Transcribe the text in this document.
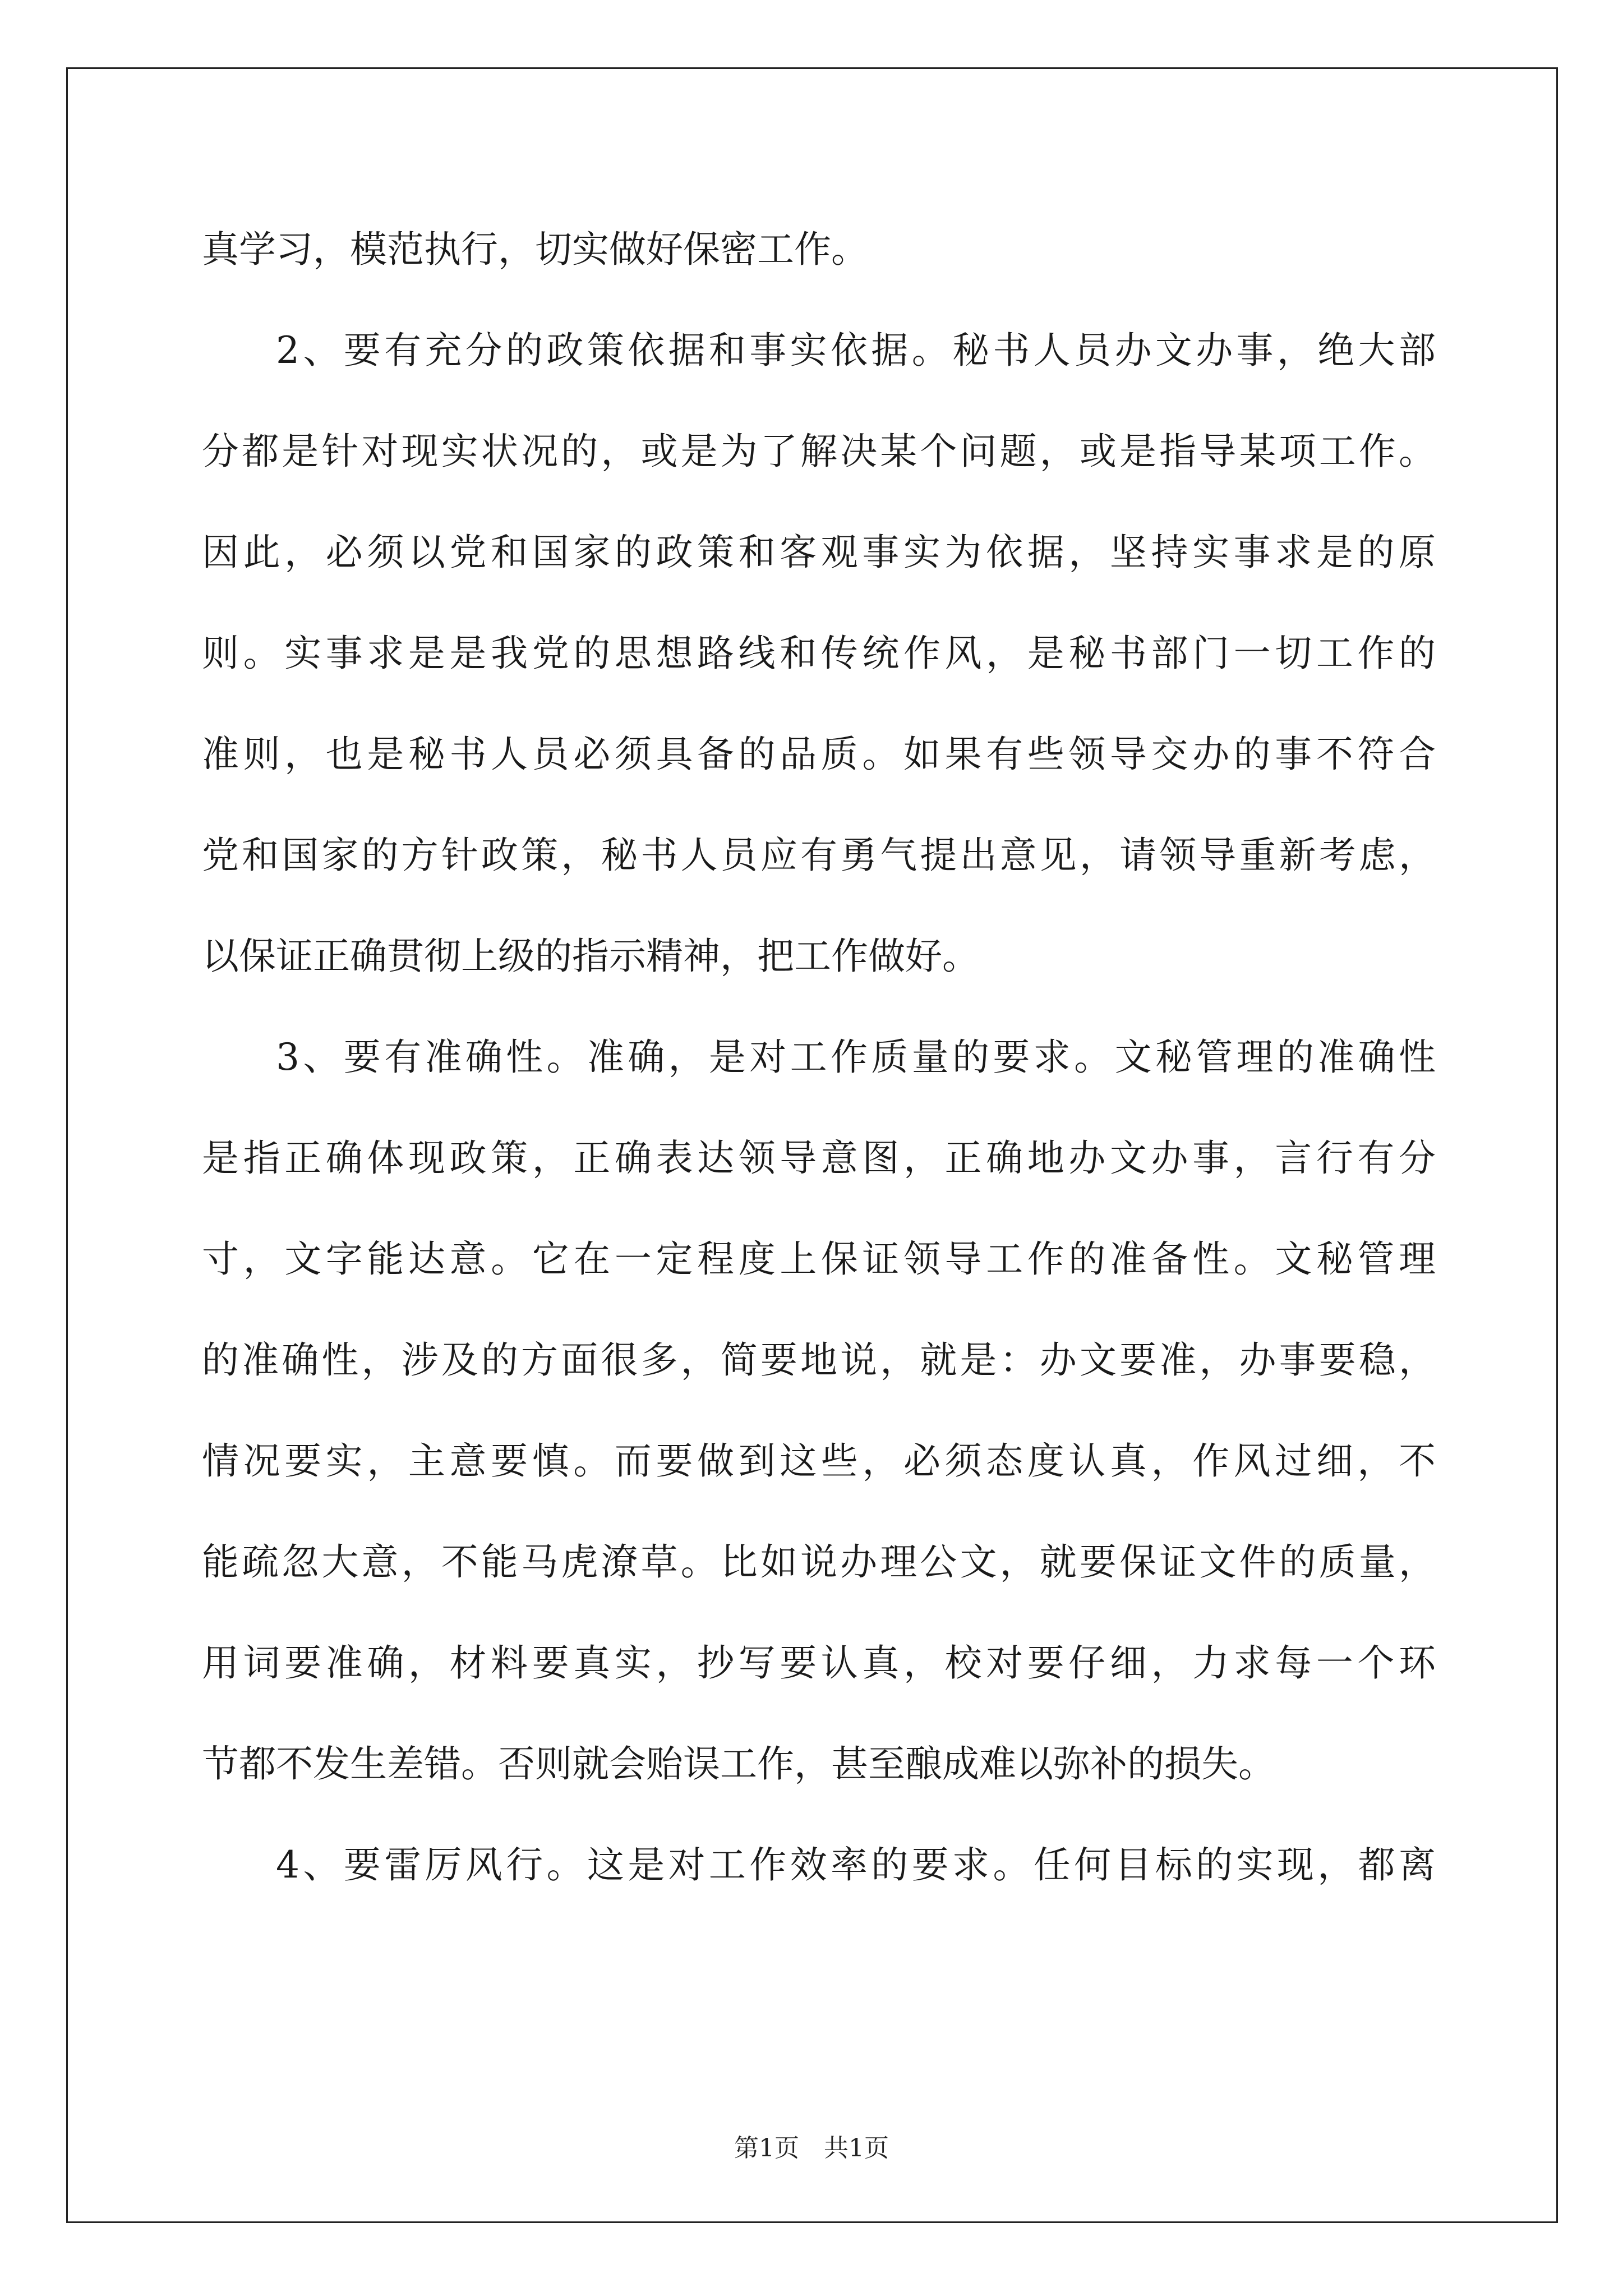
真学习，模范执行，切实做好保密工作。
2、要有充分的政策依据和事实依据。秘书人员办文办事，绝大部
分都是针对现实状况的，或是为了解决某个问题，或是指导某项工作。
因此，必须以党和国家的政策和客观事实为依据，坚持实事求是的原
则。实事求是是我党的思想路线和传统作风，是秘书部门一切工作的
准则，也是秘书人员必须具备的品质。如果有些领导交办的事不符合
党和国家的方针政策，秘书人员应有勇气提出意见，请领导重新考虑，
以保证正确贯彻上级的指示精神，把工作做好。
3、要有准确性。准确，是对工作质量的要求。文秘管理的准确性
是指正确体现政策，正确表达领导意图，正确地办文办事，言行有分
寸，文字能达意。它在一定程度上保证领导工作的准备性。文秘管理
的准确性，涉及的方面很多，简要地说，就是：办文要准，办事要稳，
情况要实，主意要慎。而要做到这些，必须态度认真，作风过细，不
能疏忽大意，不能马虎潦草。比如说办理公文，就要保证文件的质量，
用词要准确，材料要真实，抄写要认真，校对要仔细，力求每一个环
节都不发生差错。否则就会贻误工作，甚至酿成难以弥补的损失。
4、要雷厉风行。这是对工作效率的要求。任何目标的实现，都离
第1页　共1页
